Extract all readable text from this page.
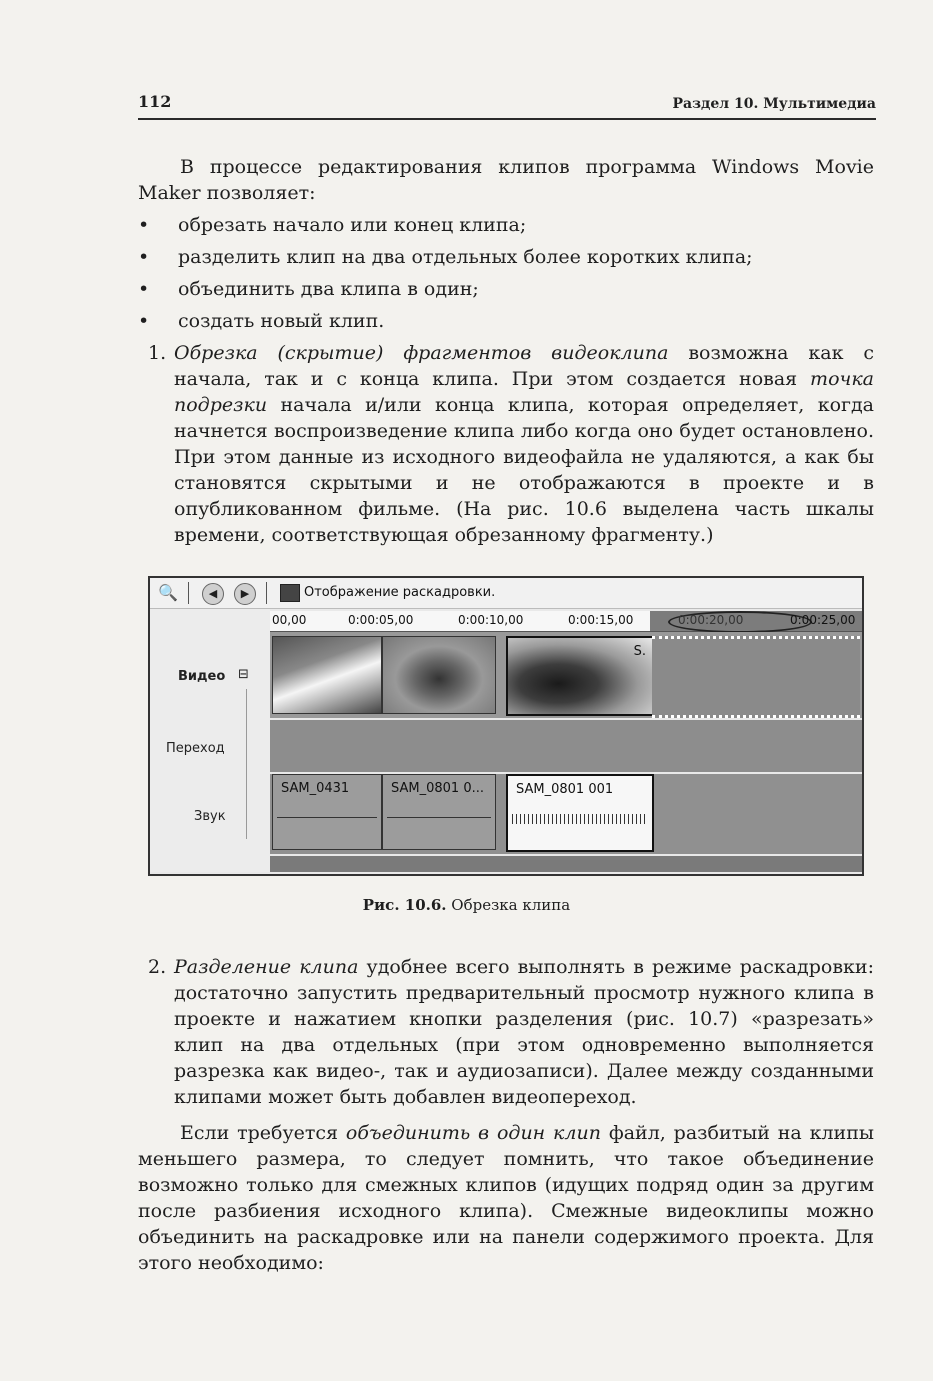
112	Раздел 10. Мультимедиа

В процессе редактирования клипов программа Windows Movie Maker позволяет:

• обрезать начало или конец клипа;
• разделить клип на два отдельных более коротких клипа;
• объединить два клипа в один;
• создать новый клип.

1. Обрезка (скрытие) фрагментов видеоклипа возможна как с начала, так и с конца клипа. При этом создается новая точка подрезки начала и/или конца клипа, которая определяет, когда начнется воспроизведение клипа либо когда оно будет остановлено. При этом данные из исходного видеофайла не удаляются, а как бы становятся скрытыми и не отображаются в проекте и в опубликованном фильме. (На рис. 10.6 выделена часть шкалы времени, соответствующая обрезанному фрагменту.)

🔍	◀	▶	Отображение раскадровки.
Видео ⊟
Переход
Звук
00,00	0:00:05,00	0:00:10,00	0:00:15,00	0:00:20,00	0:00:25,00
S.
SAM_0431	SAM_0801 0... SAM_0801 001
Рис. 10.6. Обрезка клипа

2. Разделение клипа удобнее всего выполнять в режиме раскадровки: достаточно запустить предварительный просмотр нужного клипа в проекте и нажатием кнопки разделения (рис. 10.7) «разрезать» клип на два отдельных (при этом одновременно выполняется разрезка как видео-, так и аудиозаписи). Далее между созданными клипами может быть добавлен видеопереход.

Если требуется объединить в один клип файл, разбитый на клипы меньшего размера, то следует помнить, что такое объединение возможно только для смежных клипов (идущих подряд один за другим после разбиения исходного клипа). Смежные видеоклипы можно объединить на раскадровке или на панели содержимого проекта. Для этого необходимо:
